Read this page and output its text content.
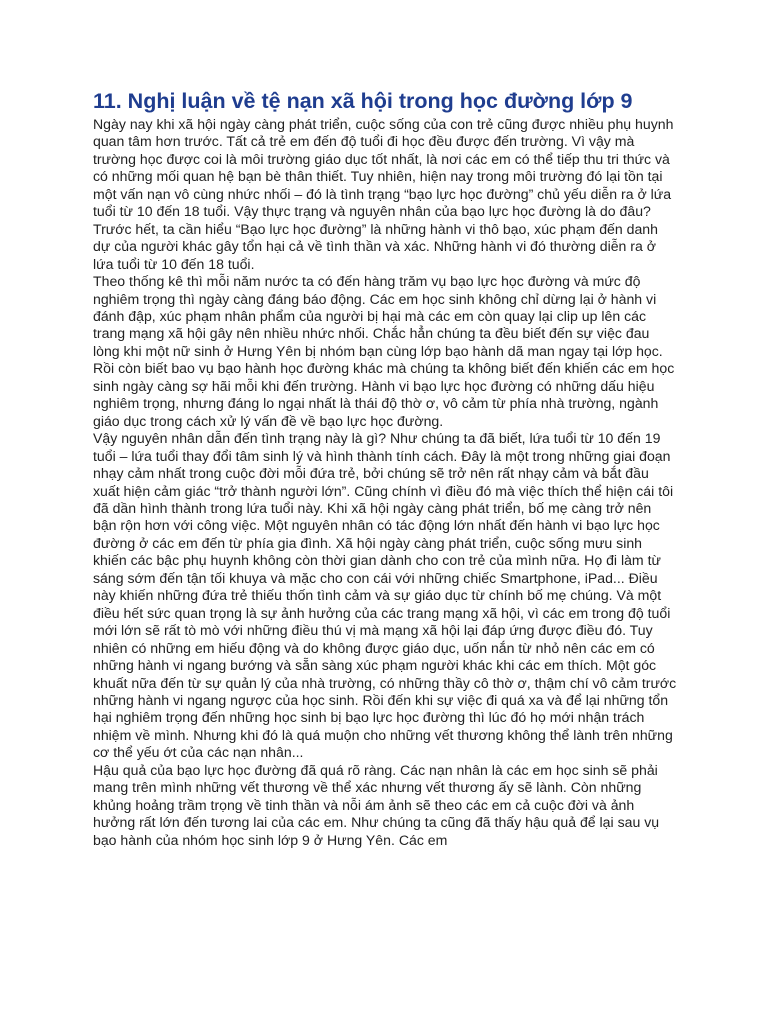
11. Nghị luận về tệ nạn xã hội trong học đường lớp 9

Ngày nay khi xã hội ngày càng phát triển, cuộc sống của con trẻ cũng được nhiều phụ huynh quan tâm hơn trước. Tất cả trẻ em đến độ tuổi đi học đều được đến trường. Vì vậy mà trường học được coi là môi trường giáo dục tốt nhất, là nơi các em có thể tiếp thu tri thức và có những mối quan hệ bạn bè thân thiết. Tuy nhiên, hiện nay trong môi trường đó lại tồn tại một vấn nạn vô cùng nhức nhối – đó là tình trạng “bạo lực học đường” chủ yếu diễn ra ở lứa tuổi từ 10 đến 18 tuổi. Vậy thực trạng và nguyên nhân của bạo lực học đường là do đâu?

Trước hết, ta cần hiểu “Bạo lực học đường” là những hành vi thô bạo, xúc phạm đến danh dự của người khác gây tổn hại cả về tình thần và xác. Những hành vi đó thường diễn ra ở lứa tuổi từ 10 đến 18 tuổi.

Theo thống kê thì mỗi năm nước ta có đến hàng trăm vụ bạo lực học đường và mức độ nghiêm trọng thì ngày càng đáng báo động. Các em học sinh không chỉ dừng lại ở hành vi đánh đập, xúc phạm nhân phẩm của người bị hại mà các em còn quay lại clip up lên các trang mạng xã hội gây nên nhiều nhức nhối. Chắc hẳn chúng ta đều biết đến sự việc đau lòng khi một nữ sinh ở Hưng Yên bị nhóm bạn cùng lớp bạo hành dã man ngay tại lớp học. Rồi còn biết bao vụ bạo hành học đường khác mà chúng ta không biết đến khiến các em học sinh ngày càng sợ hãi mỗi khi đến trường. Hành vi bạo lực học đường có những dấu hiệu nghiêm trọng, nhưng đáng lo ngại nhất là thái độ thờ ơ, vô cảm từ phía nhà trường, ngành giáo dục trong cách xử lý vấn đề về bạo lực học đường.

Vậy nguyên nhân dẫn đến tình trạng này là gì? Như chúng ta đã biết, lứa tuổi từ 10 đến 19 tuổi – lứa tuổi thay đổi tâm sinh lý và hình thành tính cách. Đây là một trong những giai đoạn nhạy cảm nhất trong cuộc đời mỗi đứa trẻ, bởi chúng sẽ trở nên rất nhạy cảm và bắt đầu xuất hiện cảm giác “trở thành người lớn”. Cũng chính vì điều đó mà việc thích thể hiện cái tôi đã dần hình thành trong lứa tuổi này. Khi xã hội ngày càng phát triển, bố mẹ càng trở nên bận rộn hơn với công việc. Một nguyên nhân có tác động lớn nhất đến hành vi bạo lực học đường ở các em đến từ phía gia đình. Xã hội ngày càng phát triển, cuộc sống mưu sinh khiến các bậc phụ huynh không còn thời gian dành cho con trẻ của mình nữa. Họ đi làm từ sáng sớm đến tận tối khuya và mặc cho con cái với những chiếc Smartphone, iPad... Điều này khiến những đứa trẻ thiếu thốn tình cảm và sự giáo dục từ chính bố mẹ chúng. Và một điều hết sức quan trọng là sự ảnh hưởng của các trang mạng xã hội, vì các em trong độ tuổi mới lớn sẽ rất tò mò với những điều thú vị mà mạng xã hội lại đáp ứng được điều đó. Tuy nhiên có những em hiếu động và do không được giáo dục, uốn nắn từ nhỏ nên các em có những hành vi ngang bướng và sẵn sàng xúc phạm người khác khi các em thích. Một góc khuất nữa đến từ sự quản lý của nhà trường, có những thầy cô thờ ơ, thậm chí vô cảm trước những hành vi ngang ngược của học sinh. Rồi đến khi sự việc đi quá xa và để lại những tổn hại nghiêm trọng đến những học sinh bị bạo lực học đường thì lúc đó họ mới nhận trách nhiệm về mình. Nhưng khi đó là quá muộn cho những vết thương không thể lành trên những cơ thể yếu ớt của các nạn nhân...

Hậu quả của bạo lực học đường đã quá rõ ràng. Các nạn nhân là các em học sinh sẽ phải mang trên mình những vết thương về thể xác nhưng vết thương ấy sẽ lành. Còn những khủng hoảng trầm trọng về tinh thần và nỗi ám ảnh sẽ theo các em cả cuộc đời và ảnh hưởng rất lớn đến tương lai của các em. Như chúng ta cũng đã thấy hậu quả để lại sau vụ bạo hành của nhóm học sinh lớp 9 ở Hưng Yên. Các em
